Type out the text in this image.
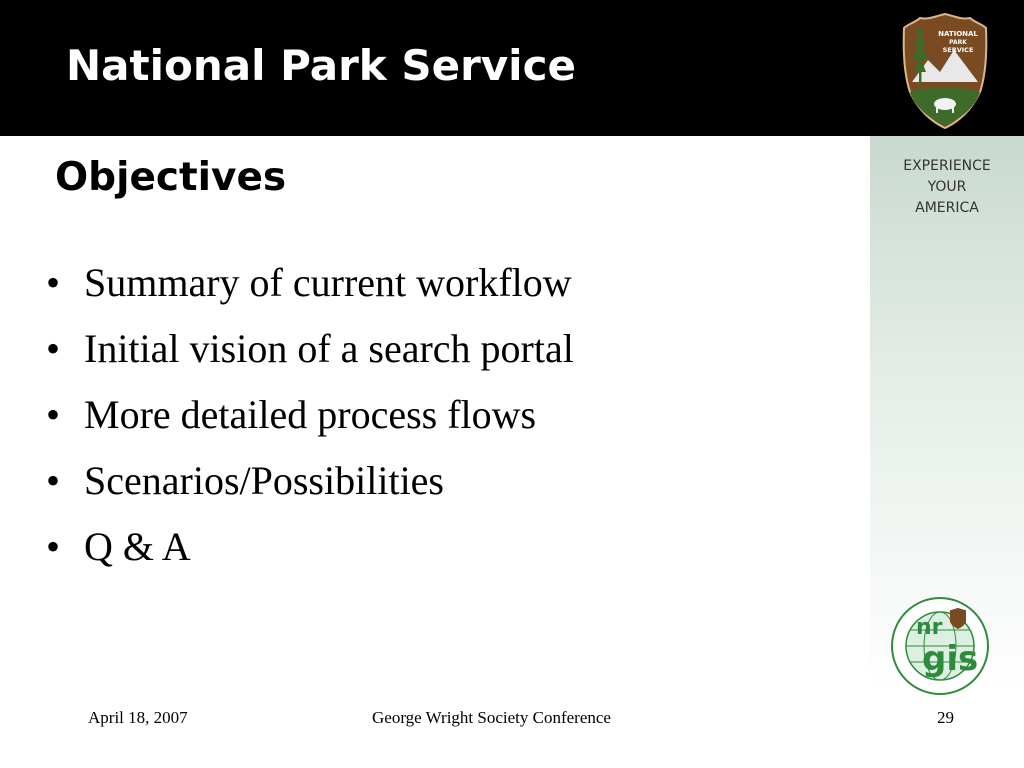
National Park Service
NATIONAL
PARK
SERVICE
EXPERIENCE
YOUR
AMERICA
nr
gis
Objectives
• Summary of current workflow
• Initial vision of a search portal
• More detailed process flows
• Scenarios/Possibilities
• Q & A
April 18, 2007	George Wright Society Conference	29
